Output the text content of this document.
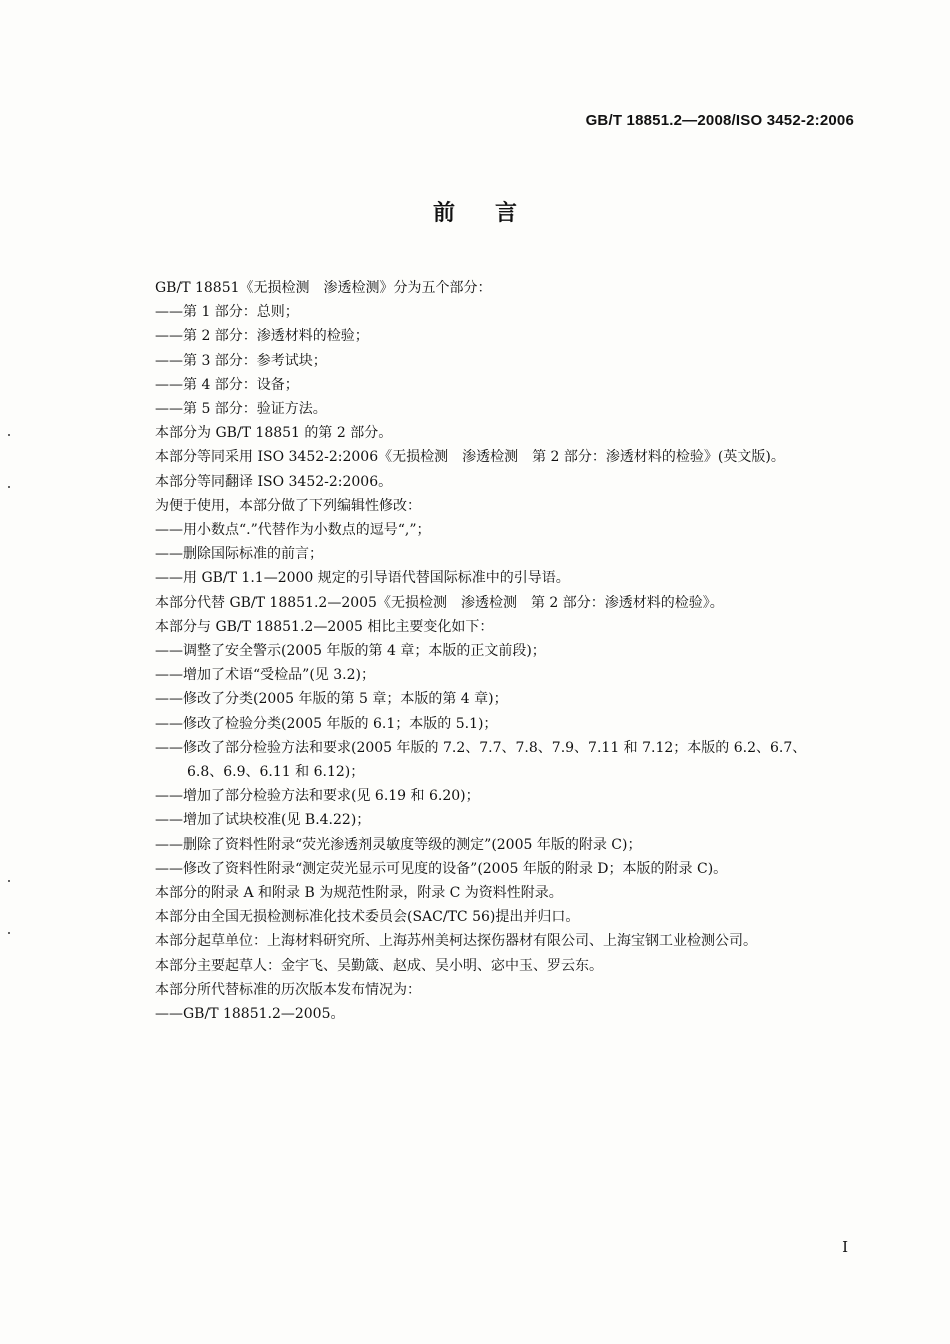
GB/T 18851.2—2008/ISO 3452-2:2006
前言

GB/T 18851《无损检测　渗透检测》分为五个部分：

——第 1 部分：总则；

——第 2 部分：渗透材料的检验；

——第 3 部分：参考试块；

——第 4 部分：设备；

——第 5 部分：验证方法。

本部分为 GB/T 18851 的第 2 部分。

本部分等同采用 ISO 3452-2:2006《无损检测　渗透检测　第 2 部分：渗透材料的检验》(英文版)。

本部分等同翻译 ISO 3452-2:2006。

为便于使用，本部分做了下列编辑性修改：

——用小数点“.”代替作为小数点的逗号“,”；

——删除国际标准的前言；

——用 GB/T 1.1—2000 规定的引导语代替国际标准中的引导语。

本部分代替 GB/T 18851.2—2005《无损检测　渗透检测　第 2 部分：渗透材料的检验》。

本部分与 GB/T 18851.2—2005 相比主要变化如下：

——调整了安全警示(2005 年版的第 4 章；本版的正文前段)；

——增加了术语“受检品”(见 3.2)；

——修改了分类(2005 年版的第 5 章；本版的第 4 章)；

——修改了检验分类(2005 年版的 6.1；本版的 5.1)；

——修改了部分检验方法和要求(2005 年版的 7.2、7.7、7.8、7.9、7.11 和 7.12；本版的 6.2、6.7、

6.8、6.9、6.11 和 6.12)；

——增加了部分检验方法和要求(见 6.19 和 6.20)；

——增加了试块校准(见 B.4.22)；

——删除了资料性附录“荧光渗透剂灵敏度等级的测定”(2005 年版的附录 C)；

——修改了资料性附录“测定荧光显示可见度的设备”(2005 年版的附录 D；本版的附录 C)。

本部分的附录 A 和附录 B 为规范性附录，附录 C 为资料性附录。

本部分由全国无损检测标准化技术委员会(SAC/TC 56)提出并归口。

本部分起草单位：上海材料研究所、上海苏州美柯达探伤器材有限公司、上海宝钢工业检测公司。

本部分主要起草人：金宇飞、吴勤箴、赵成、吴小明、宓中玉、罗云东。

本部分所代替标准的历次版本发布情况为：

——GB/T 18851.2—2005。

I
